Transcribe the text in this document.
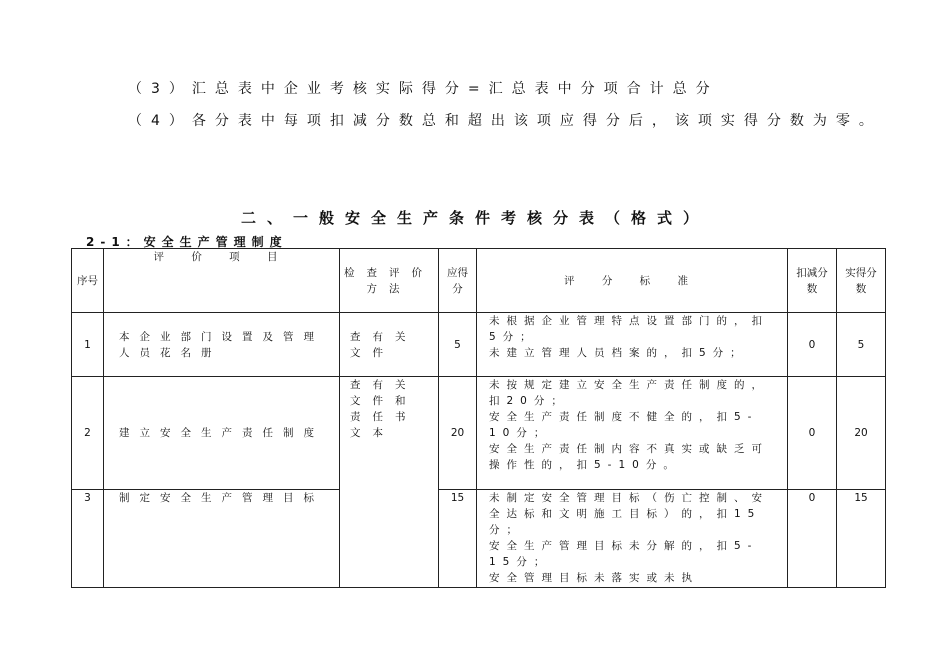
（3）汇总表中企业考核实际得分=汇总表中分项合计总分
（4）各分表中每项扣减分数总和超出该项应得分后，该项实得分数为零。
二、一般安全生产条件考核分表（格式）
2-1：安全生产管理制度
序号	评 价 项 目	检查评价方法	应得分	评 分 标 准	扣减分数	实得分数
1	本企业部门设置及管理人员花名册	查有关文件	5	未根据企业管理特点设置部门的，扣5分；
未建立管理人员档案的，扣5分；	0	5
2	建立安全生产责任制度	查有关文件和责任书文本	20	未按规定建立安全生产责任制度的，扣20分；
安全生产责任制度不健全的，扣5-10分；
安全生产责任制内容不真实或缺乏可操作性的，扣5-10分。	0	20
3	制定安全生产管理目标		15	未制定安全管理目标（伤亡控制、安全达标和文明施工目标）的，扣15分；
安全生产管理目标未分解的，扣5-15分；
安全管理目标未落实或未执	0	15
